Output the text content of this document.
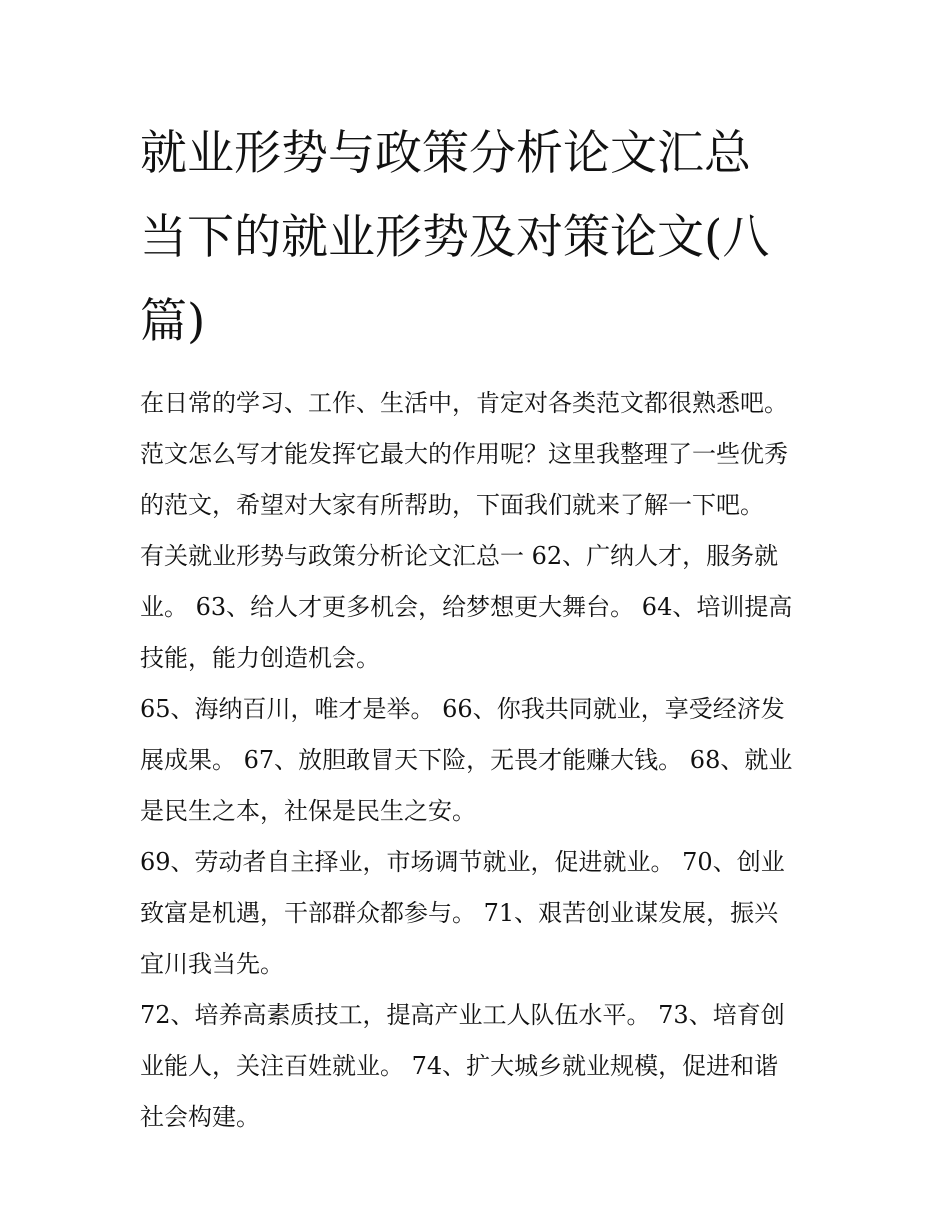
就业形势与政策分析论文汇总
当下的就业形势及对策论文(八
篇)

在日常的学习、工作、生活中，肯定对各类范文都很熟悉吧。
范文怎么写才能发挥它最大的作用呢？这里我整理了一些优秀
的范文，希望对大家有所帮助，下面我们就来了解一下吧。

有关就业形势与政策分析论文汇总一 62、广纳人才，服务就
业。 63、给人才更多机会，给梦想更大舞台。 64、培训提高
技能，能力创造机会。

65、海纳百川，唯才是举。 66、你我共同就业，享受经济发
展成果。 67、放胆敢冒天下险，无畏才能赚大钱。 68、就业
是民生之本，社保是民生之安。

69、劳动者自主择业，市场调节就业，促进就业。 70、创业
致富是机遇，干部群众都参与。 71、艰苦创业谋发展，振兴
宜川我当先。

72、培养高素质技工，提高产业工人队伍水平。 73、培育创
业能人，关注百姓就业。 74、扩大城乡就业规模，促进和谐
社会构建。
